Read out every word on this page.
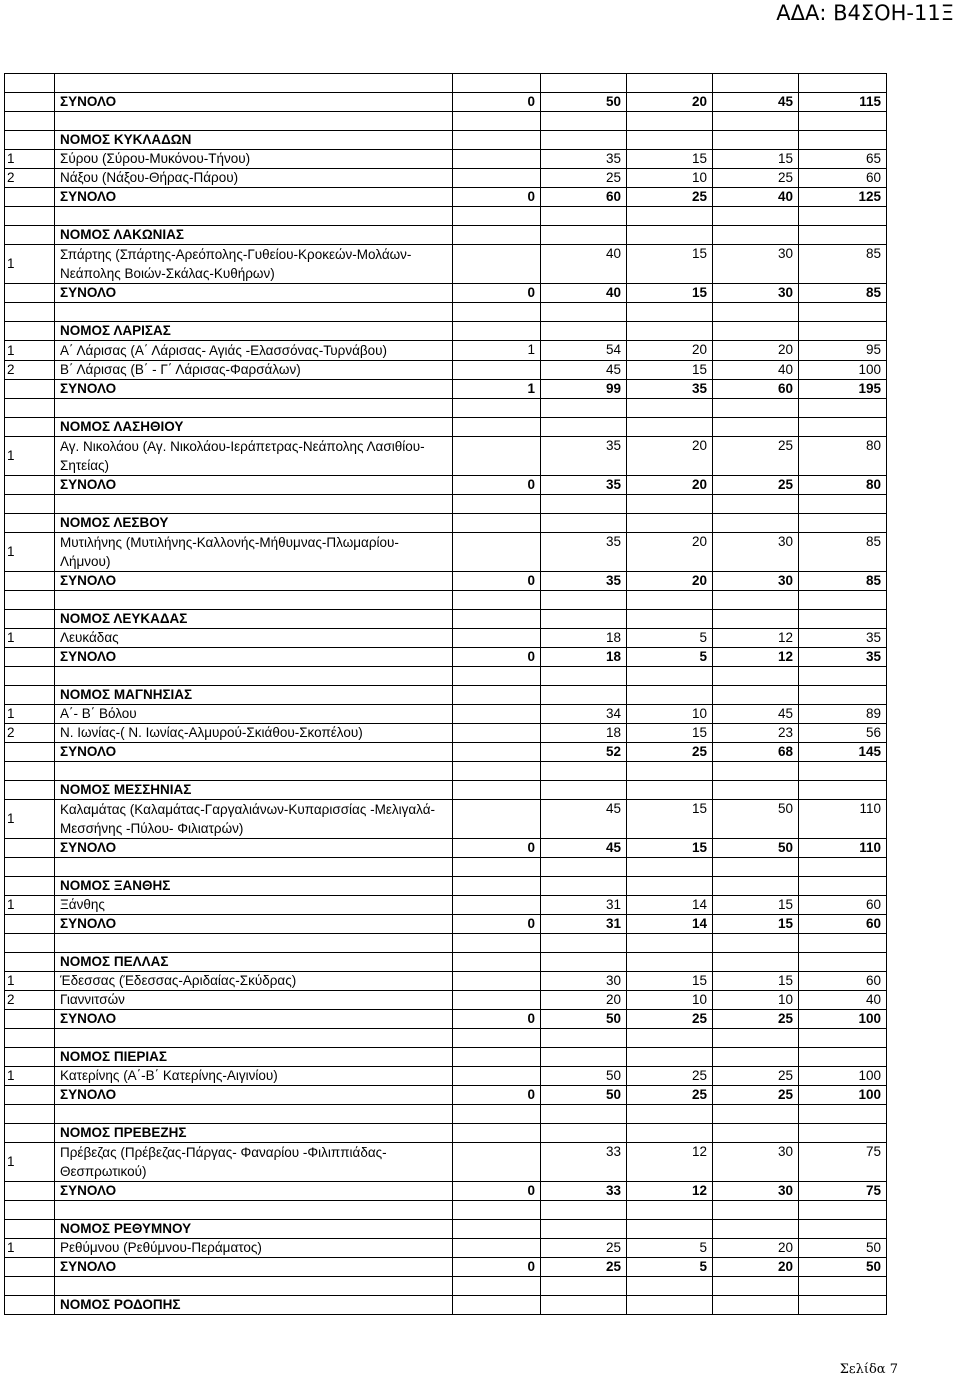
ΑΔΑ: Β4ΣΟΗ-11Ξ

	ΣΥΝΟΛΟ	0	50	20	45	115

	ΝΟΜΟΣ ΚΥΚΛΑΔΩΝ					
1	Σύρου (Σύρου-Μυκόνου-Τήνου)		35	15	15	65
2	Νάξου (Νάξου-Θήρας-Πάρου)		25	10	25	60
	ΣΥΝΟΛΟ	0	60	25	40	125

	ΝΟΜΟΣ ΛΑΚΩΝΙΑΣ					
1	Σπάρτης (Σπάρτης-Αρεόπολης-Γυθείου-Κροκεών-Μολάων-Νεάπολης Βοιών-Σκάλας-Κυθήρων)		40	15	30	85
	ΣΥΝΟΛΟ	0	40	15	30	85

	ΝΟΜΟΣ ΛΑΡΙΣΑΣ					
1	Α΄ Λάρισας (Α΄ Λάρισας- Αγιάς -Ελασσόνας-Τυρνάβου)	1	54	20	20	95
2	Β΄ Λάρισας (Β΄ - Γ΄ Λάρισας-Φαρσάλων)		45	15	40	100
	ΣΥΝΟΛΟ	1	99	35	60	195

	ΝΟΜΟΣ ΛΑΣΗΘΙΟΥ					
1	Αγ. Νικολάου (Αγ. Νικολάου-Ιεράπετρας-Νεάπολης Λασιθίου-Σητείας)		35	20	25	80
	ΣΥΝΟΛΟ	0	35	20	25	80

	ΝΟΜΟΣ ΛΕΣΒΟΥ					
1	Μυτιλήνης (Μυτιλήνης-Καλλονής-Μήθυμνας-Πλωμαρίου-Λήμνου)		35	20	30	85
	ΣΥΝΟΛΟ	0	35	20	30	85

	ΝΟΜΟΣ ΛΕΥΚΑΔΑΣ					
1	Λευκάδας		18	5	12	35
	ΣΥΝΟΛΟ	0	18	5	12	35

	ΝΟΜΟΣ ΜΑΓΝΗΣΙΑΣ					
1	Α΄- Β΄ Βόλου		34	10	45	89
2	Ν. Ιωνίας-( Ν. Ιωνίας-Αλμυρού-Σκιάθου-Σκοπέλου)		18	15	23	56
	ΣΥΝΟΛΟ		52	25	68	145

	ΝΟΜΟΣ ΜΕΣΣΗΝΙΑΣ					
1	Καλαμάτας (Καλαμάτας-Γαργαλιάνων-Κυπαρισσίας -Μελιγαλά-Μεσσήνης -Πύλου- Φιλιατρών)		45	15	50	110
	ΣΥΝΟΛΟ	0	45	15	50	110

	ΝΟΜΟΣ ΞΑΝΘΗΣ					
1	Ξάνθης		31	14	15	60
	ΣΥΝΟΛΟ	0	31	14	15	60

	ΝΟΜΟΣ ΠΕΛΛΑΣ					
1	Έδεσσας (Έδεσσας-Αριδαίας-Σκύδρας)		30	15	15	60
2	Γιαννιτσών		20	10	10	40
	ΣΥΝΟΛΟ	0	50	25	25	100

	ΝΟΜΟΣ ΠΙΕΡΙΑΣ					
1	Κατερίνης (Α΄-Β΄ Κατερίνης-Αιγινίου)		50	25	25	100
	ΣΥΝΟΛΟ	0	50	25	25	100

	ΝΟΜΟΣ ΠΡΕΒΕΖΗΣ					
1	Πρέβεζας (Πρέβεζας-Πάργας- Φαναρίου -Φιλιππιάδας-Θεσπρωτικού)		33	12	30	75
	ΣΥΝΟΛΟ	0	33	12	30	75

	ΝΟΜΟΣ ΡΕΘΥΜΝΟΥ					
1	Ρεθύμνου (Ρεθύμνου-Περάματος)		25	5	20	50
	ΣΥΝΟΛΟ	0	25	5	20	50

	ΝΟΜΟΣ ΡΟΔΟΠΗΣ					
Σελίδα 7
